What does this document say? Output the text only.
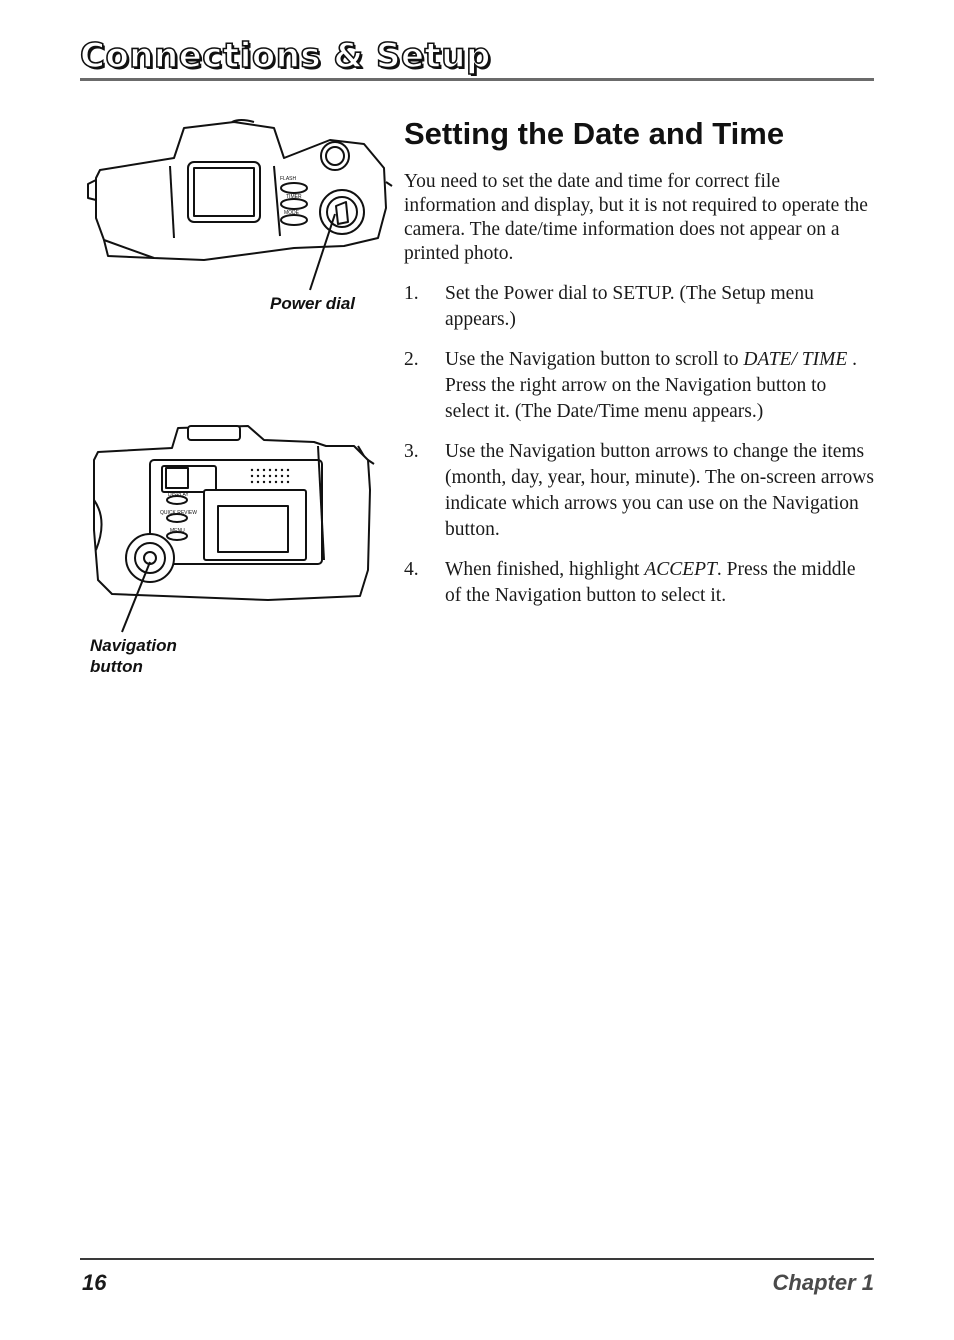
Connections & Setup
FLASH
TIMER
MODE
Power dial
DISPLAY
QUICK REVIEW
MENU
Navigation
button
Setting the Date and Time
You need to set the date and time for correct file information and display, but it is not required to operate the camera. The date/time information does not appear on a printed photo.
1. Set the Power dial to SETUP. (The Setup menu appears.)
2. Use the Navigation button to scroll to DATE/ TIME . Press the right arrow on the Navigation button to select it. (The Date/Time menu appears.)
3. Use the Navigation button arrows to change the items (month, day, year, hour, minute). The on-screen arrows indicate which arrows you can use on the Navigation button.
4. When finished, highlight ACCEPT. Press the middle of the Navigation button to select it.
16	Chapter 1
